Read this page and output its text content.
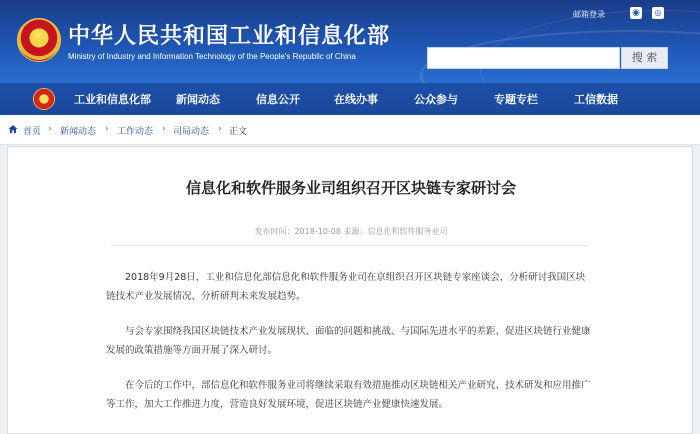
★ 中华人民共和国工业和信息化部
Ministry of Industry and Information Technology of the People's Republic of China
邮箱登录	◉	◎
搜 索
工业和信息化部 新闻动态	信息公开	在线办事	公众参与	专题专栏	工信数据
首页 › 新闻动态 › 工作动态 › 司局动态 › 正文
信息化和软件服务业司组织召开区块链专家研讨会
发布时间：2018-10-08 来源：信息化和软件服务业司

2018年9月28日，工业和信息化部信息化和软件服务业司在京组织召开区块链专家座谈会，分析研讨我国区块链技术产业发展情况、分析研判未来发展趋势。

与会专家围绕我国区块链技术产业发展现状、面临的问题和挑战、与国际先进水平的差距、促进区块链行业健康发展的政策措施等方面开展了深入研讨。

在今后的工作中，部信息化和软件服务业司将继续采取有效措施推动区块链相关产业研究、技术研发和应用推广等工作，加大工作推进力度，营造良好发展环境，促进区块链产业健康快速发展。
